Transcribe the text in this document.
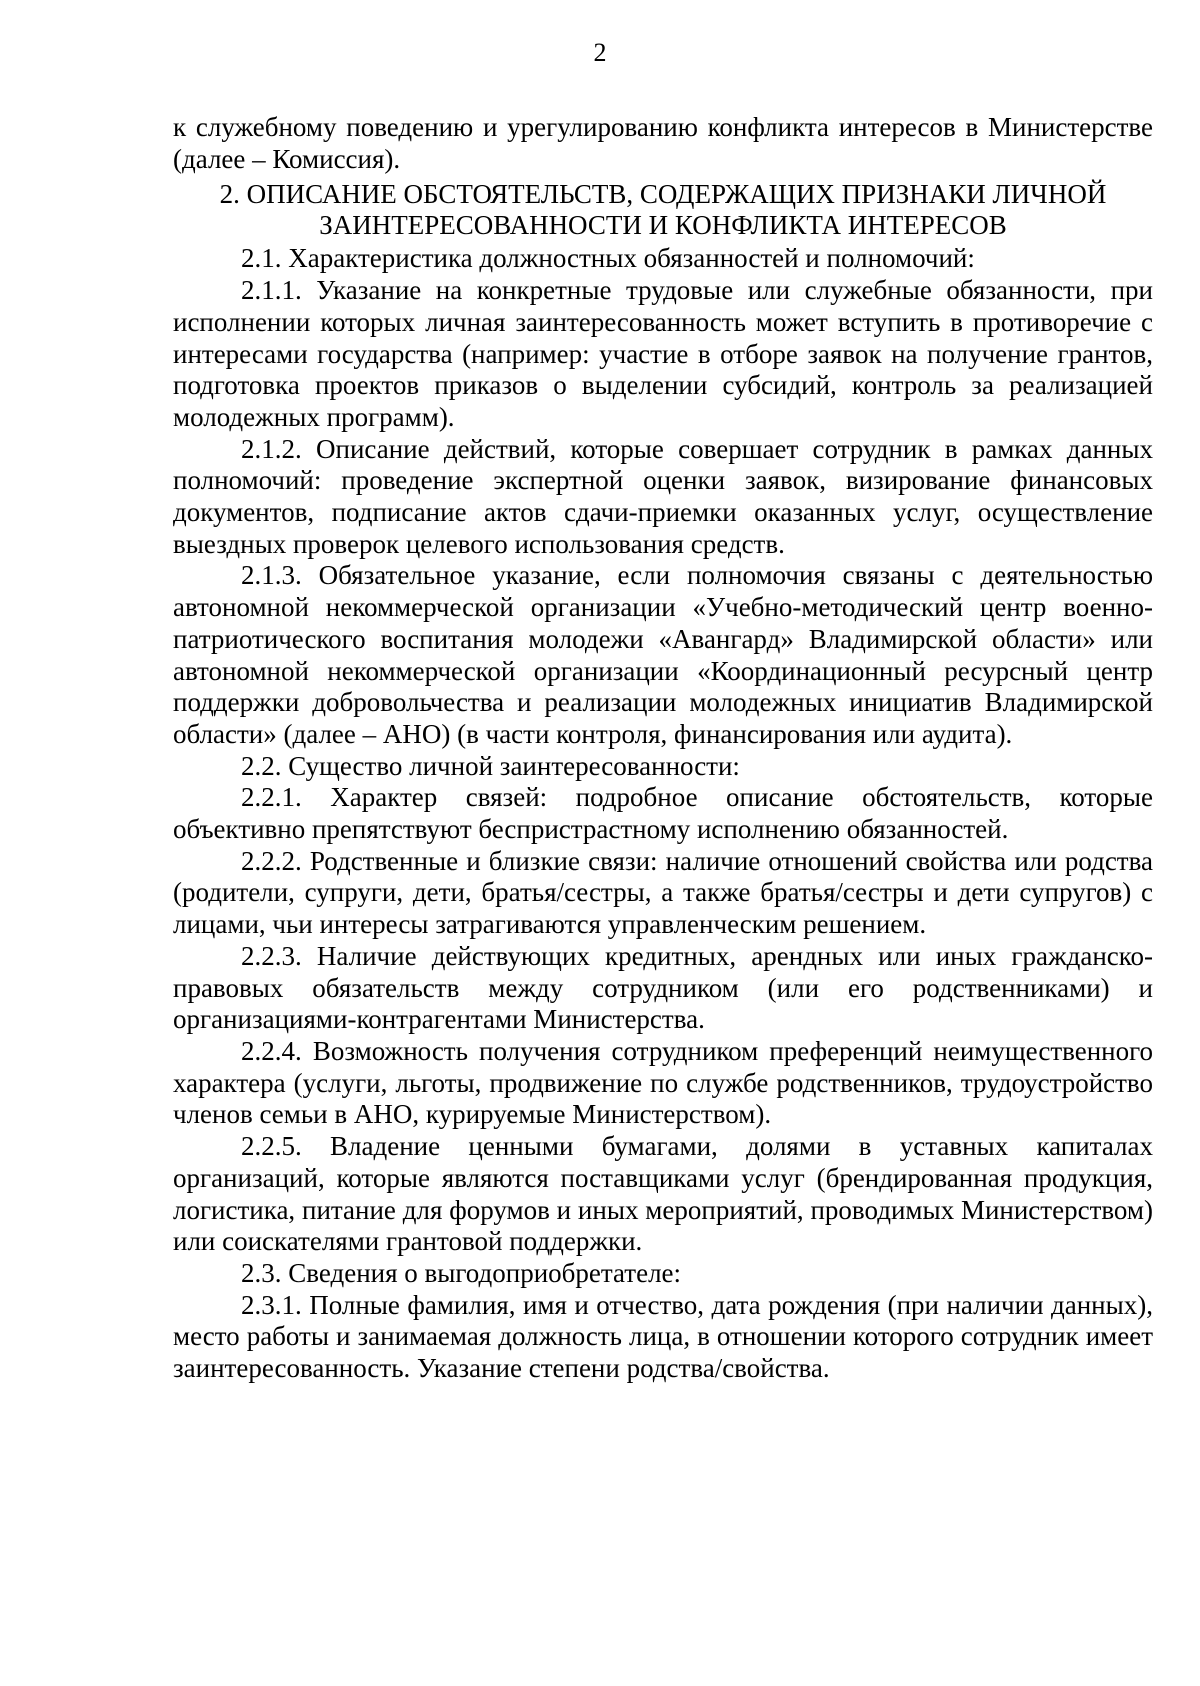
2

к служебному поведению и урегулированию конфликта интересов в Министерстве (далее – Комиссия).

2. ОПИСАНИЕ ОБСТОЯТЕЛЬСТВ, СОДЕРЖАЩИХ ПРИЗНАКИ ЛИЧНОЙ
ЗАИНТЕРЕСОВАННОСТИ И КОНФЛИКТА ИНТЕРЕСОВ

2.1. Характеристика должностных обязанностей и полномочий:

2.1.1. Указание на конкретные трудовые или служебные обязанности, при исполнении которых личная заинтересованность может вступить в противоречие с интересами государства (например: участие в отборе заявок на получение грантов, подготовка проектов приказов о выделении субсидий, контроль за реализацией молодежных программ).

2.1.2. Описание действий, которые совершает сотрудник в рамках данных полномочий: проведение экспертной оценки заявок, визирование финансовых документов, подписание актов сдачи-приемки оказанных услуг, осуществление выездных проверок целевого использования средств.

2.1.3. Обязательное указание, если полномочия связаны с деятельностью автономной некоммерческой организации «Учебно-методический центр военно-патриотического воспитания молодежи «Авангард» Владимирской области» или автономной некоммерческой организации «Координационный ресурсный центр поддержки добровольчества и реализации молодежных инициатив Владимирской области» (далее – АНО) (в части контроля, финансирования или аудита).

2.2. Существо личной заинтересованности:

2.2.1. Характер связей: подробное описание обстоятельств, которые объективно препятствуют беспристрастному исполнению обязанностей.

2.2.2. Родственные и близкие связи: наличие отношений свойства или родства (родители, супруги, дети, братья/сестры, а также братья/сестры и дети супругов) с лицами, чьи интересы затрагиваются управленческим решением.

2.2.3. Наличие действующих кредитных, арендных или иных гражданско-правовых обязательств между сотрудником (или его родственниками) и организациями-контрагентами Министерства.

2.2.4. Возможность получения сотрудником преференций неимущественного характера (услуги, льготы, продвижение по службе родственников, трудоустройство членов семьи в АНО, курируемые Министерством).

2.2.5. Владение ценными бумагами, долями в уставных капиталах организаций, которые являются поставщиками услуг (брендированная продукция, логистика, питание для форумов и иных мероприятий, проводимых Министерством) или соискателями грантовой поддержки.

2.3. Сведения о выгодоприобретателе:

2.3.1. Полные фамилия, имя и отчество, дата рождения (при наличии данных), место работы и занимаемая должность лица, в отношении которого сотрудник имеет заинтересованность. Указание степени родства/свойства.
